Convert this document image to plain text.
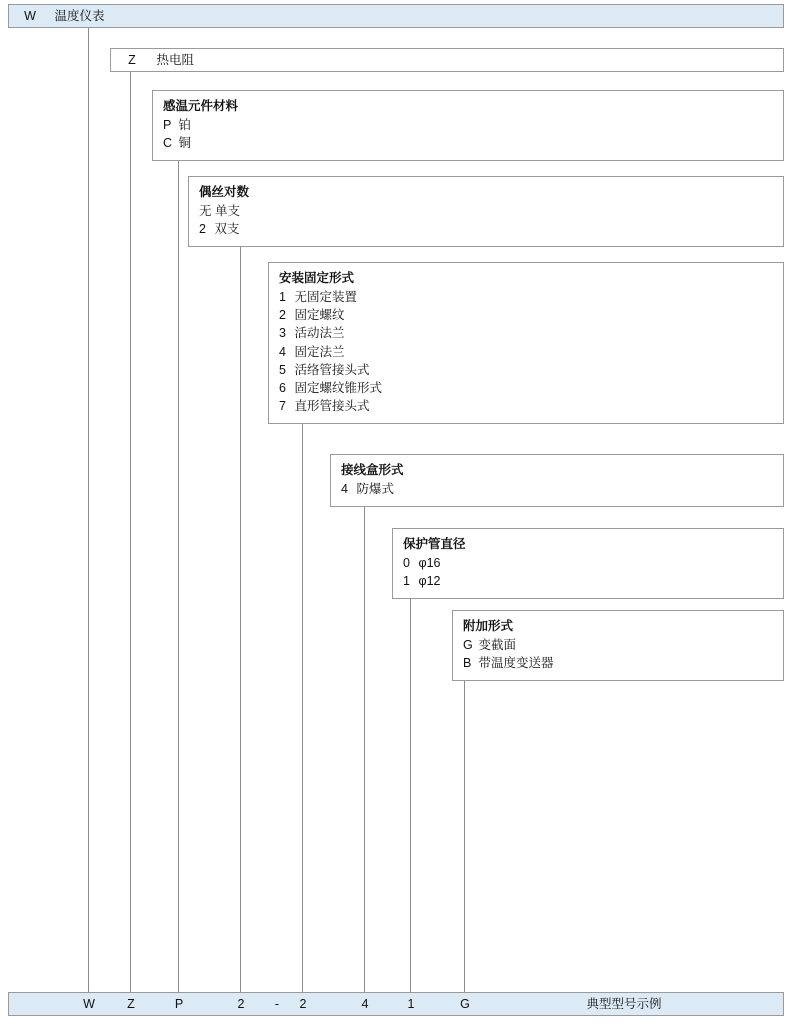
W 温度仪表
Z 热电阻
感温元件材料
P 铂
C 铜
偶丝对数
无 单支
2 双支
安装固定形式
1 无固定装置
2 固定螺纹
3 活动法兰
4 固定法兰
5 活络管接头式
6 固定螺纹锥形式
7 直形管接头式
接线盒形式
4 防爆式
保护管直径
0 φ16
1 φ12
附加形式
G 变截面
B 带温度变送器
W	Z	P	2	-	2	4	1	G	典型型号示例
